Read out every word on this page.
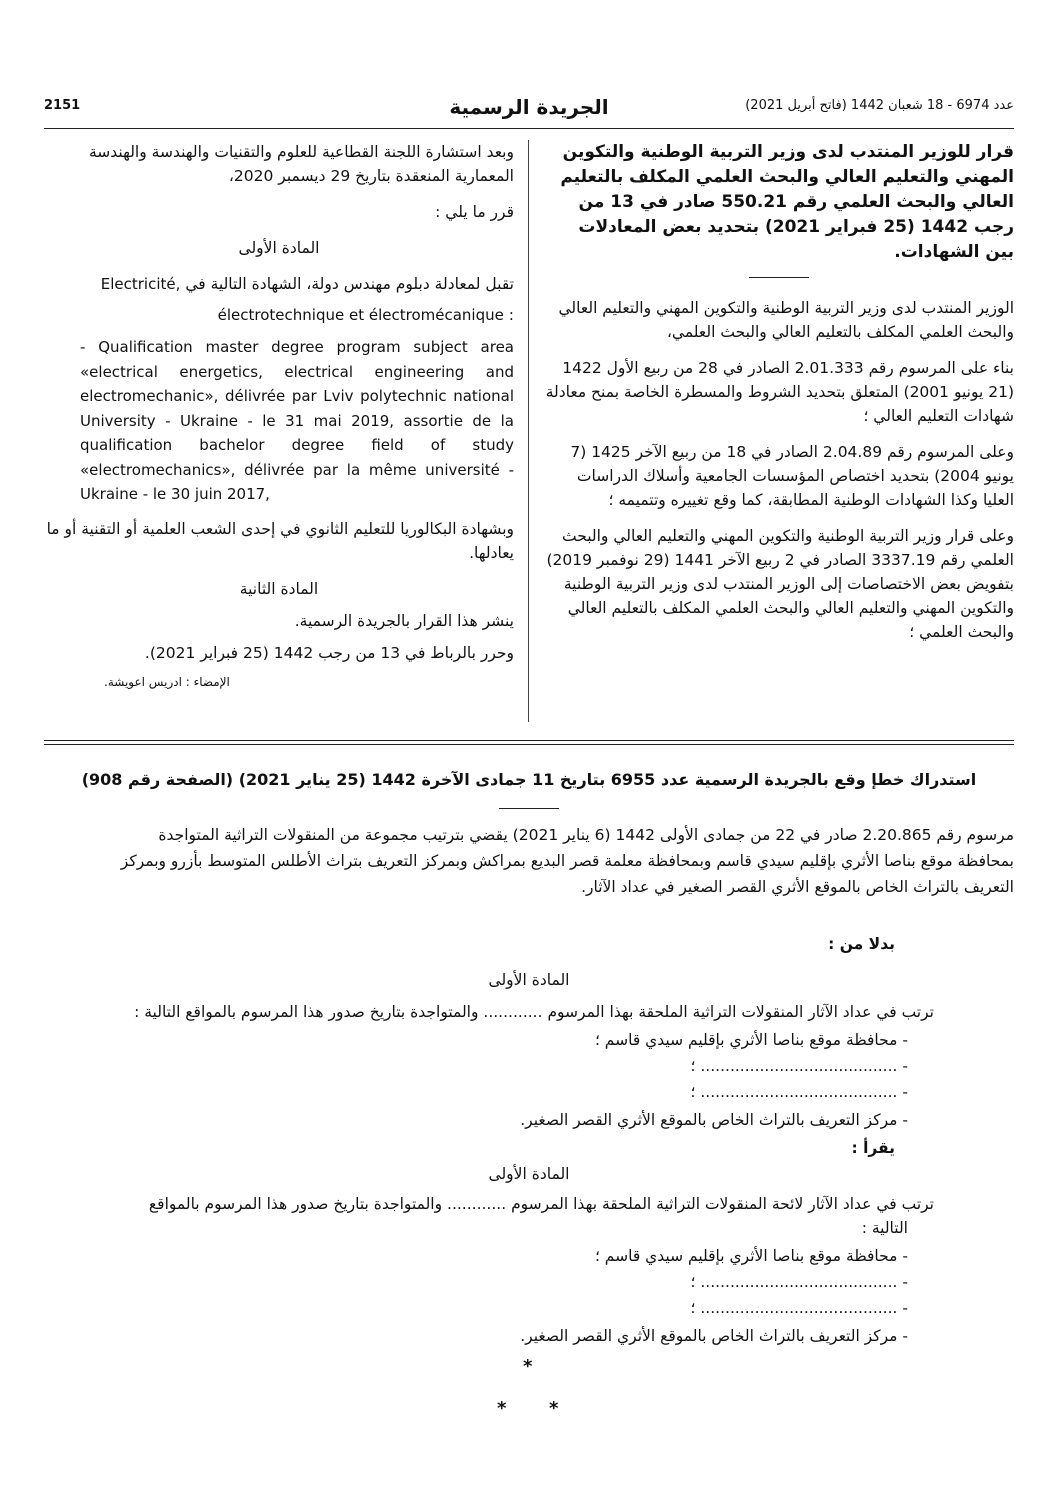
2151	الجريدة الرسمية	عدد 6974 - 18 شعبان 1442 (فاتح أبريل 2021)

قرار للوزير المنتدب لدى وزير التربية الوطنية والتكوين المهني والتعليم العالي والبحث العلمي المكلف بالتعليم العالي والبحث العلمي رقم 550.21 صادر في 13 من رجب 1442 (25 فبراير 2021) بتحديد بعض المعادلات بين الشهادات.

الوزير المنتدب لدى وزير التربية الوطنية والتكوين المهني والتعليم العالي والبحث العلمي المكلف بالتعليم العالي والبحث العلمي،

بناء على المرسوم رقم 2.01.333 الصادر في 28 من ربيع الأول 1422 (21 يونيو 2001) المتعلق بتحديد الشروط والمسطرة الخاصة بمنح معادلة شهادات التعليم العالي ؛

وعلى المرسوم رقم 2.04.89 الصادر في 18 من ربيع الآخر 1425 (7 يونيو 2004) بتحديد اختصاص المؤسسات الجامعية وأسلاك الدراسات العليا وكذا الشهادات الوطنية المطابقة، كما وقع تغييره وتتميمه ؛

وعلى قرار وزير التربية الوطنية والتكوين المهني والتعليم العالي والبحث العلمي رقم 3337.19 الصادر في 2 ربيع الآخر 1441 (29 نوفمبر 2019) بتفويض بعض الاختصاصات إلى الوزير المنتدب لدى وزير التربية الوطنية والتكوين المهني والتعليم العالي والبحث العلمي المكلف بالتعليم العالي والبحث العلمي ؛

وبعد استشارة اللجنة القطاعية للعلوم والتقنيات والهندسة والهندسة المعمارية المنعقدة بتاريخ 29 ديسمبر 2020،

قرر ما يلي :

المادة الأولى

تقبل لمعادلة دبلوم مهندس دولة، الشهادة التالية في Electricité,
: électrotechnique et électromécanique

- Qualification master degree program subject area «electrical energetics, electrical engineering and electromechanic», délivrée par Lviv polytechnic national University - Ukraine - le 31 mai 2019, assortie de la qualification bachelor degree field of study «electromechanics», délivrée par la même université - Ukraine - le 30 juin 2017,

وبشهادة البكالوريا للتعليم الثانوي في إحدى الشعب العلمية أو التقنية أو ما يعادلها.

المادة الثانية

ينشر هذا القرار بالجريدة الرسمية.

وحرر بالرباط في 13 من رجب 1442 (25 فبراير 2021).

الإمضاء : ادريس اعويشة.

استدراك خطإ وقع بالجريدة الرسمية عدد 6955 بتاريخ 11 جمادى الآخرة 1442 (25 يناير 2021) (الصفحة رقم 908)
مرسوم رقم 2.20.865 صادر في 22 من جمادى الأولى 1442 (6 يناير 2021) يقضي بترتيب مجموعة من المنقولات التراثية المتواجدة بمحافظة موقع بناصا الأثري بإقليم سيدي قاسم وبمحافظة معلمة قصر البديع بمراكش وبمركز التعريف بتراث الأطلس المتوسط بأزرو وبمركز التعريف بالتراث الخاص بالموقع الأثري القصر الصغير في عداد الآثار.
بدلا من :
المادة الأولى
ترتب في عداد الآثار المنقولات التراثية الملحقة بهذا المرسوم ............ والمتواجدة بتاريخ صدور هذا المرسوم بالمواقع التالية :
- محافظة موقع بناصا الأثري بإقليم سيدي قاسم ؛
- ........................................ ؛
- ........................................ ؛
- مركز التعريف بالتراث الخاص بالموقع الأثري القصر الصغير.
يقرأ :
المادة الأولى
ترتب في عداد الآثار لائحة المنقولات التراثية الملحقة بهذا المرسوم ............ والمتواجدة بتاريخ صدور هذا المرسوم بالمواقع
التالية :
- محافظة موقع بناصا الأثري بإقليم سيدي قاسم ؛
- ........................................ ؛
- ........................................ ؛
- مركز التعريف بالتراث الخاص بالموقع الأثري القصر الصغير.
*
* *
